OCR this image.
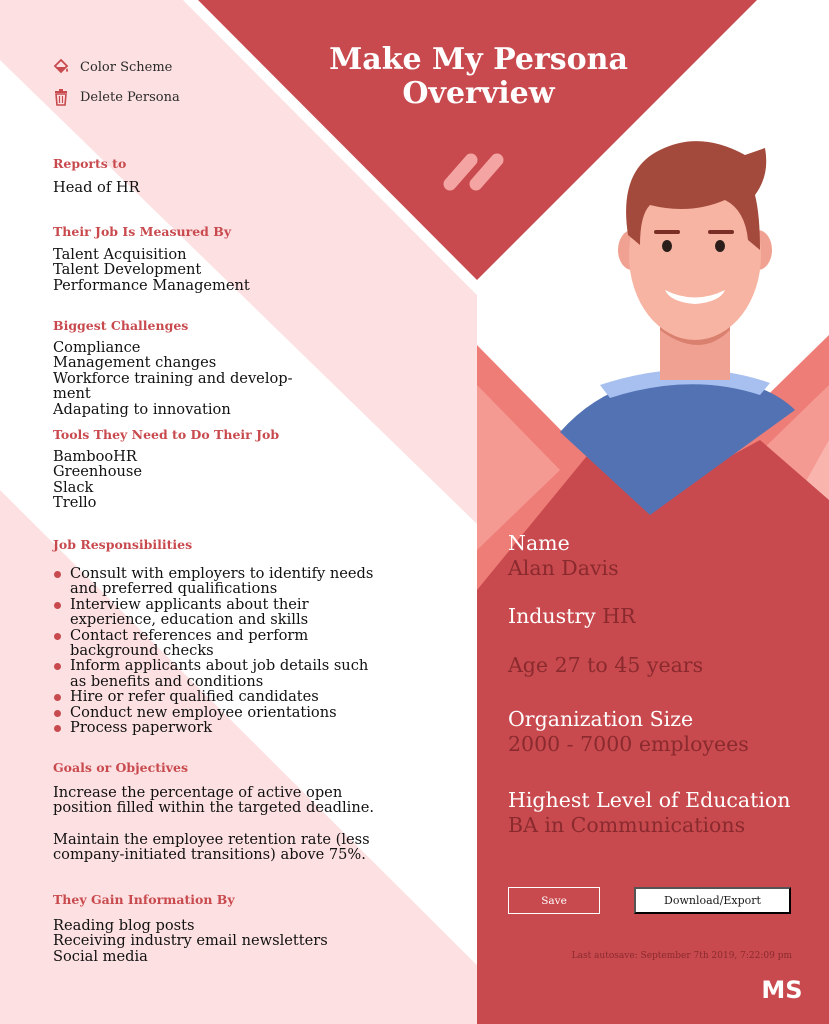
Make My Persona
Overview
Color Scheme
Delete Persona
Reports to
Head of HR
Their Job Is Measured By
Talent Acquisition
Talent Development
Performance Management
Biggest Challenges
Compliance
Management changes
Workforce training and develop-
ment
Adapating to innovation
Tools They Need to Do Their Job
BambooHR
Greenhouse
Slack
Trello
Job Responsibilities
Consult with employers to identify needs
and preferred qualifications
Interview applicants about their
experience, education and skills
Contact references and perform
background checks
Inform applicants about job details such
as benefits and conditions
Hire or refer qualified candidates
Conduct new employee orientations
Process paperwork
Goals or Objectives
Increase the percentage of active open
position filled within the targeted deadline.
Maintain the employee retention rate (less
company-initiated transitions) above 75%.
They Gain Information By
Reading blog posts
Receiving industry email newsletters
Social media
Name
Alan Davis
Industry HR
Age 27 to 45 years
Organization Size
2000 - 7000 employees
Highest Level of Education
BA in Communications
Save	Download/Export
Last autosave: September 7th 2019, 7:22:09 pm
MS
